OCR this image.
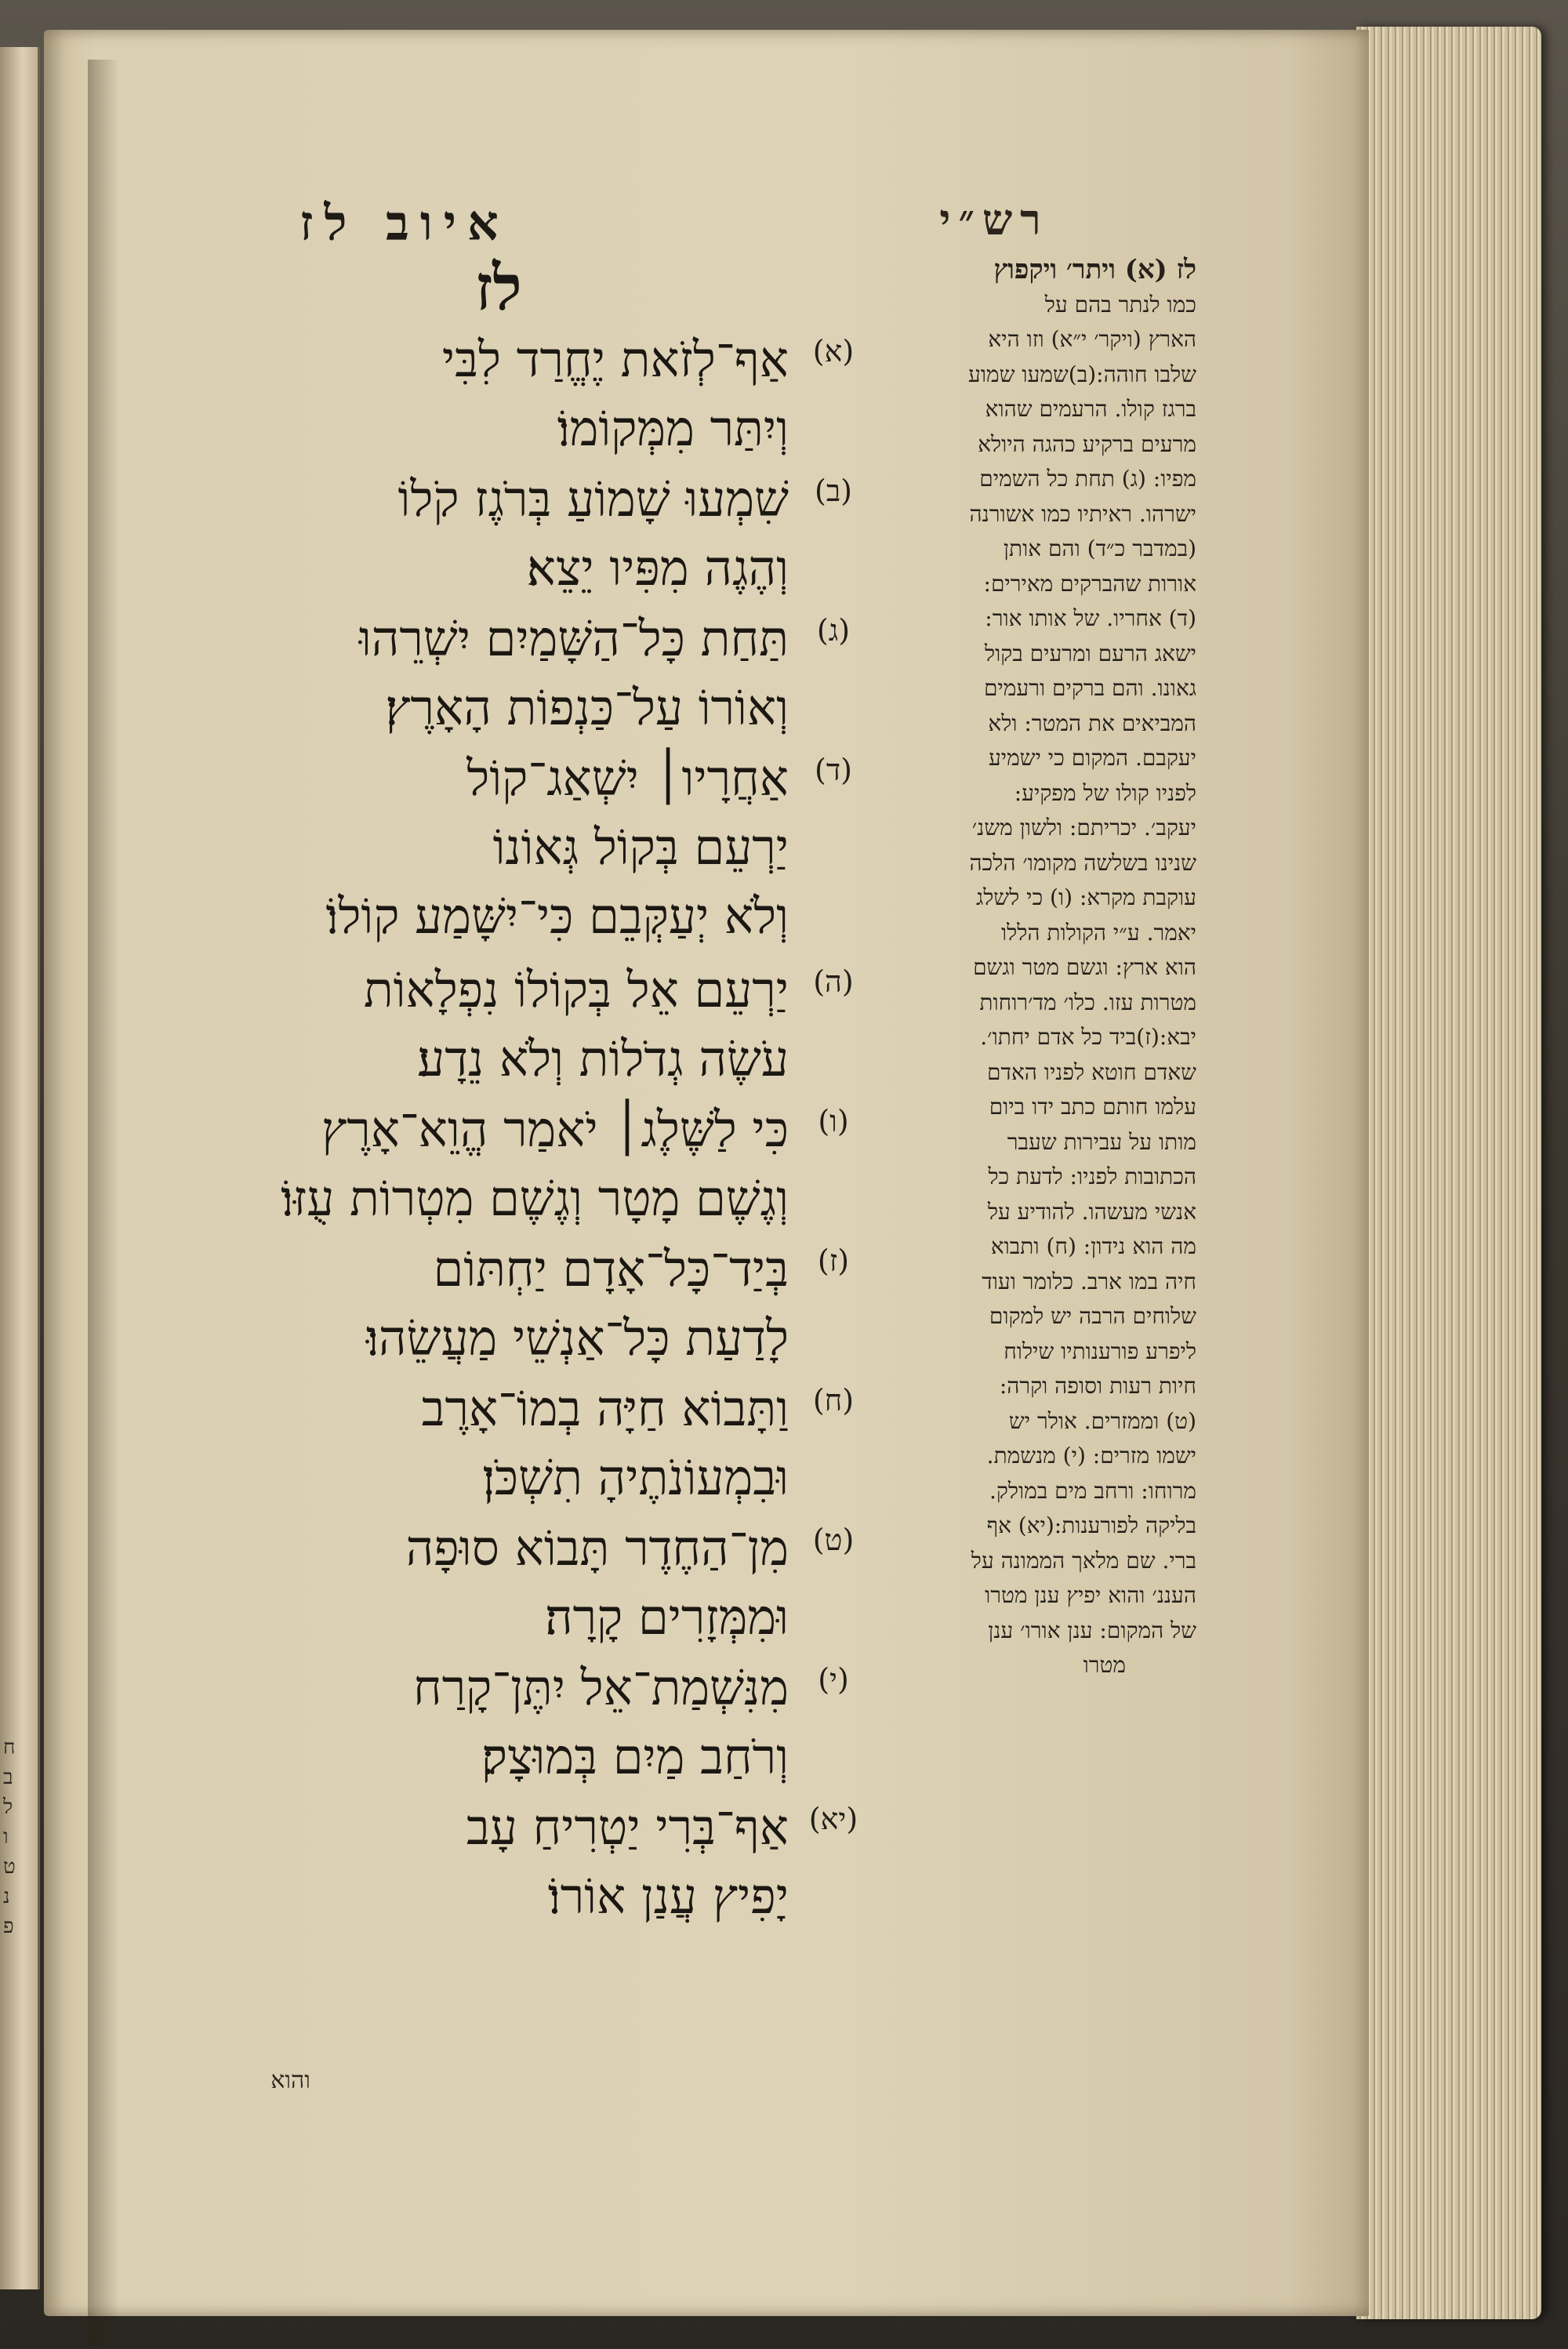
ח
ב
ל
ו
ט
נ
פ
רש״י
איוב לז
לז
(א)
אַף־לְזֹאת יֶחֱרַד לִבִּי
וְיִתַּר מִמְּקוֹמוֹ׃
(ב)
שִׁמְעוּ שָׁמוֹעַ בְּרֹגֶז קֹלוֹ
וְהֶגֶה מִפִּיו יֵצֵא׃
(ג)
תַּחַת כָּל־הַשָּׁמַיִם יִשְׁרֵהוּ
וְאוֹרוֹ עַל־כַּנְפוֹת הָאָרֶץ׃
(ד)
אַחֲרָיו׀ יִשְׁאַג־קוֹל
יַרְעֵם בְּקוֹל גְּאוֹנוֹ
וְלֹא יְעַקְּבֵם כִּי־יִשָּׁמַע קוֹלוֹ׃
(ה)
יַרְעֵם אֵל בְּקוֹלוֹ נִפְלָאוֹת
עֹשֶׂה גְדֹלוֹת וְלֹא נֵדָע׃
(ו)
כִּי לַשֶּׁלֶג׀ יֹאמַר הֱוֵא־אָרֶץ
וְגֶשֶׁם מָטָר וְגֶשֶׁם מִטְרוֹת עֻזּוֹ׃
(ז)
בְּיַד־כָּל־אָדָם יַחְתּוֹם
לָדַעַת כָּל־אַנְשֵׁי מַעֲשֵׂהוּ׃
(ח)
וַתָּבוֹא חַיָּה בְמוֹ־אָרֶב
וּבִמְעוֹנֹתֶיהָ תִשְׁכֹּן׃
(ט)
מִן־הַחֶדֶר תָּבוֹא סוּפָה
וּמִמְּזָרִים קָרָה׃
(י)
מִנִּשְׁמַת־אֵל יִתֶּן־קָרַח
וְרֹחַב מַיִם בְּמוּצָק׃
(יא)
אַף־בְּרִי יַטְרִיחַ עָב
יָפִיץ עֲנַן אוֹרוֹ׃
לז (א) ויתר׳ ויקפוץ
כמו לנתר בהם על
הארץ (ויקר׳ י״א) וזו היא
שלבו חוהה:(ב)שמעו שמוע
ברגז קולו. הרעמים שהוא
מרעים ברקיע כהגה היולא
מפיו: (ג) תחת כל השמים
ישרהו. ראיתיו כמו אשורנה
(במדבר כ״ד) והם אותן
אורות שהברקים מאירים:
(ד) אחריו. של אותו אור:
ישאג הרעם ומרעים בקול
גאונו. והם ברקים ורעמים
המביאים את המטר: ולא
יעקבם. המקום כי ישמיע
לפניו קולו של מפקיע:
יעקב׳. יכריתם: ולשון משנ׳
שנינו בשלשה מקומו׳ הלכה
עוקבת מקרא: (ו) כי לשלג
יאמר. ע״י הקולות הללו
הוא ארץ: וגשם מטר וגשם
מטרות עזו. כלו׳ מד׳רוחות
יבא:(ז)ביד כל אדם יחתו׳.
שאדם חוטא לפניו האדם
עלמו חותם כתב ידו ביום
מותו על עבירות שעבר
הכתובות לפניו: לדעת כל
אנשי מעשהו. להודיע על
מה הוא נידון: (ח) ותבוא
חיה במו ארב. כלומר ועוד
שלוחים הרבה יש למקום
ליפרע פורענותיו שילוח
חיות רעות וסופה וקרה:
(ט) וממזרים. אולר יש
ישמו מזרים: (י) מנשמת.
מרוחו: ורחב מים במולק.
בליקה לפורענות:(יא) אף
ברי. שם מלאך הממונה על
העננ׳ והוא יפיץ ענן מטרו
של המקום: ענן אורו׳ ענן
מטרו
והוא
